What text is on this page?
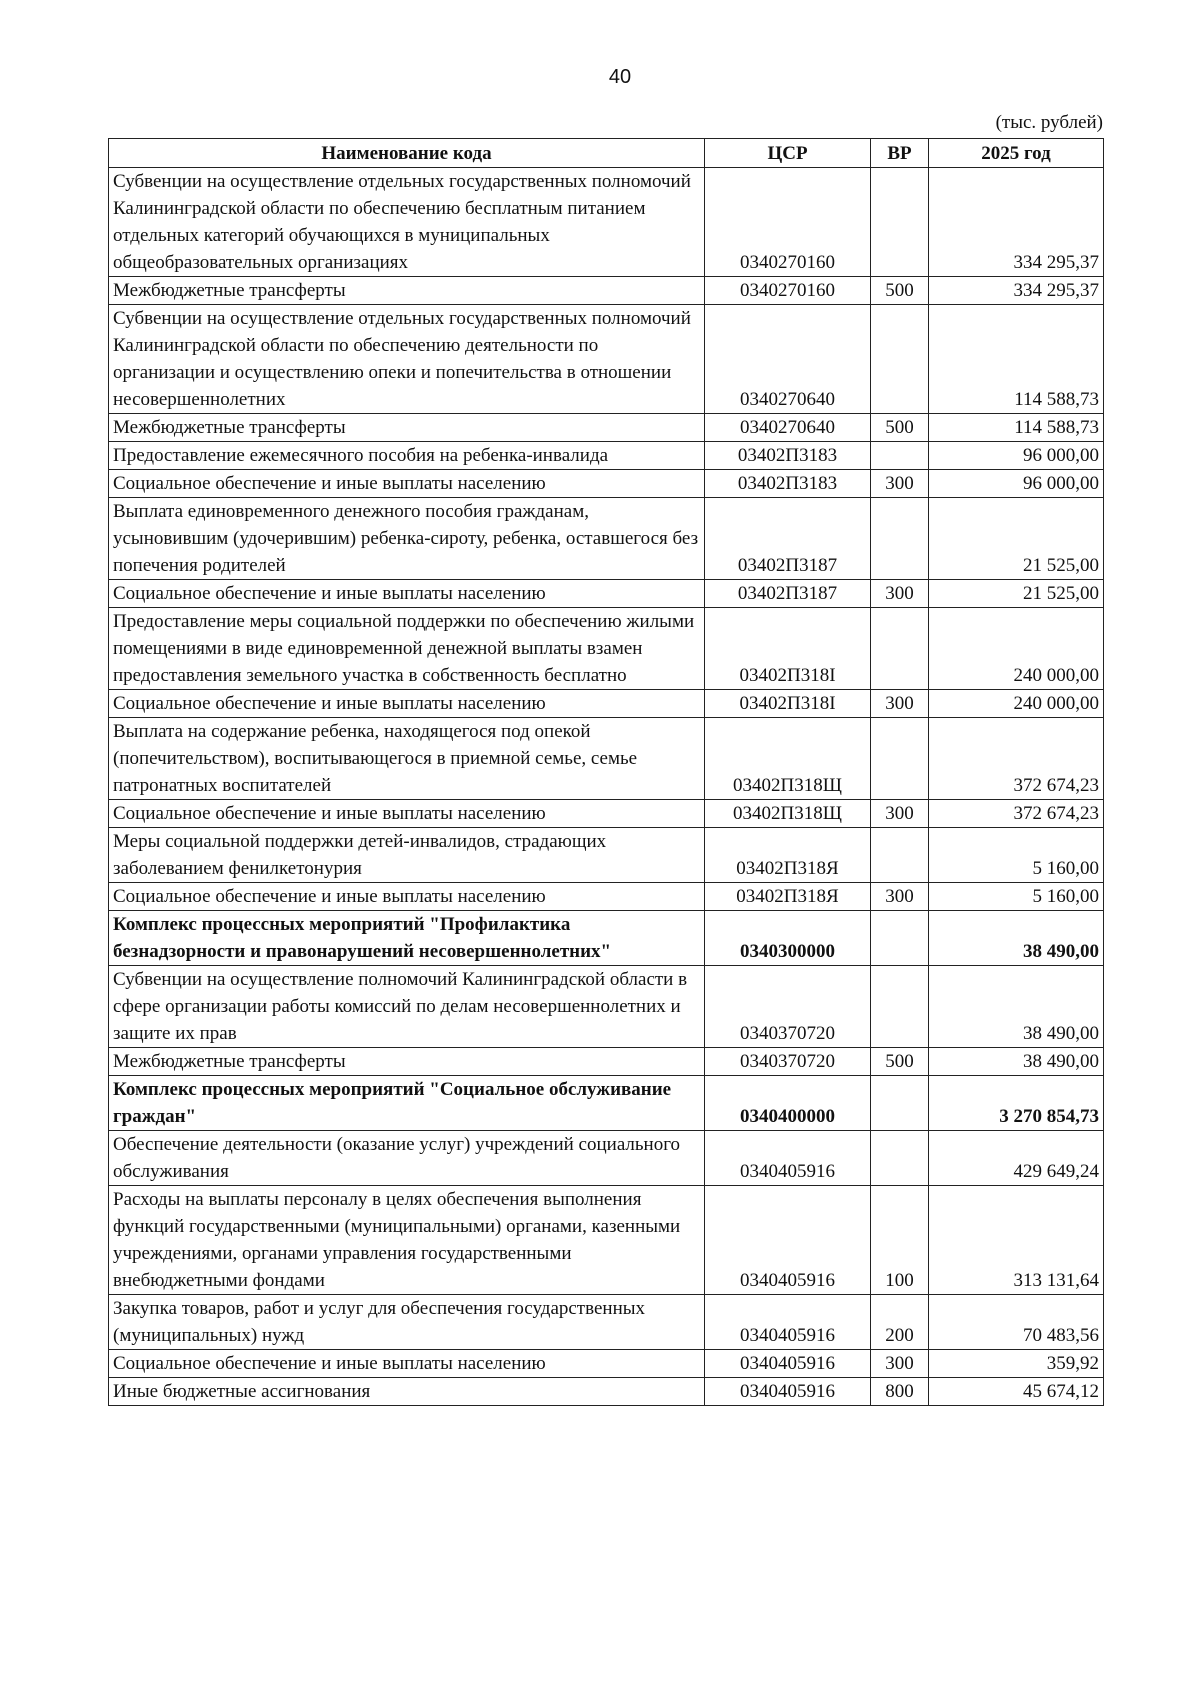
40
(тыс. рублей)
Наименование кода	ЦСР	ВР	2025 год
Субвенции на осуществление отдельных государственных полномочий Калининградской области по обеспечению бесплатным питанием отдельных категорий обучающихся в муниципальных общеобразовательных организациях	0340270160		334 295,37
Межбюджетные трансферты	0340270160	500	334 295,37
Субвенции на осуществление отдельных государственных полномочий Калининградской области по обеспечению деятельности по организации и осуществлению опеки и попечительства в отношении несовершеннолетних	0340270640		114 588,73
Межбюджетные трансферты	0340270640	500	114 588,73
Предоставление ежемесячного пособия на ребенка-инвалида	03402П3183		96 000,00
Социальное обеспечение и иные выплаты населению	03402П3183	300	96 000,00
Выплата единовременного денежного пособия гражданам, усыновившим (удочерившим) ребенка-сироту, ребенка, оставшегося без попечения родителей	03402П3187		21 525,00
Социальное обеспечение и иные выплаты населению	03402П3187	300	21 525,00
Предоставление меры социальной поддержки по обеспечению жилыми помещениями в виде единовременной денежной выплаты взамен предоставления земельного участка в собственность бесплатно	03402П318I		240 000,00
Социальное обеспечение и иные выплаты населению	03402П318I	300	240 000,00
Выплата на содержание ребенка, находящегося под опекой (попечительством), воспитывающегося в приемной семье, семье патронатных воспитателей	03402П318Щ		372 674,23
Социальное обеспечение и иные выплаты населению	03402П318Щ	300	372 674,23
Меры социальной поддержки детей-инвалидов, страдающих заболеванием фенилкетонурия	03402П318Я		5 160,00
Социальное обеспечение и иные выплаты населению	03402П318Я	300	5 160,00
Комплекс процессных мероприятий "Профилактика безнадзорности и правонарушений несовершеннолетних"	0340300000		38 490,00
Субвенции на осуществление полномочий Калининградской области в сфере организации работы комиссий по делам несовершеннолетних и защите их прав	0340370720		38 490,00
Межбюджетные трансферты	0340370720	500	38 490,00
Комплекс процессных мероприятий "Социальное обслуживание граждан"	0340400000		3 270 854,73
Обеспечение деятельности (оказание услуг) учреждений социального обслуживания	0340405916		429 649,24
Расходы на выплаты персоналу в целях обеспечения выполнения функций государственными (муниципальными) органами, казенными учреждениями, органами управления государственными внебюджетными фондами	0340405916	100	313 131,64
Закупка товаров, работ и услуг для обеспечения государственных (муниципальных) нужд	0340405916	200	70 483,56
Социальное обеспечение и иные выплаты населению	0340405916	300	359,92
Иные бюджетные ассигнования	0340405916	800	45 674,12
